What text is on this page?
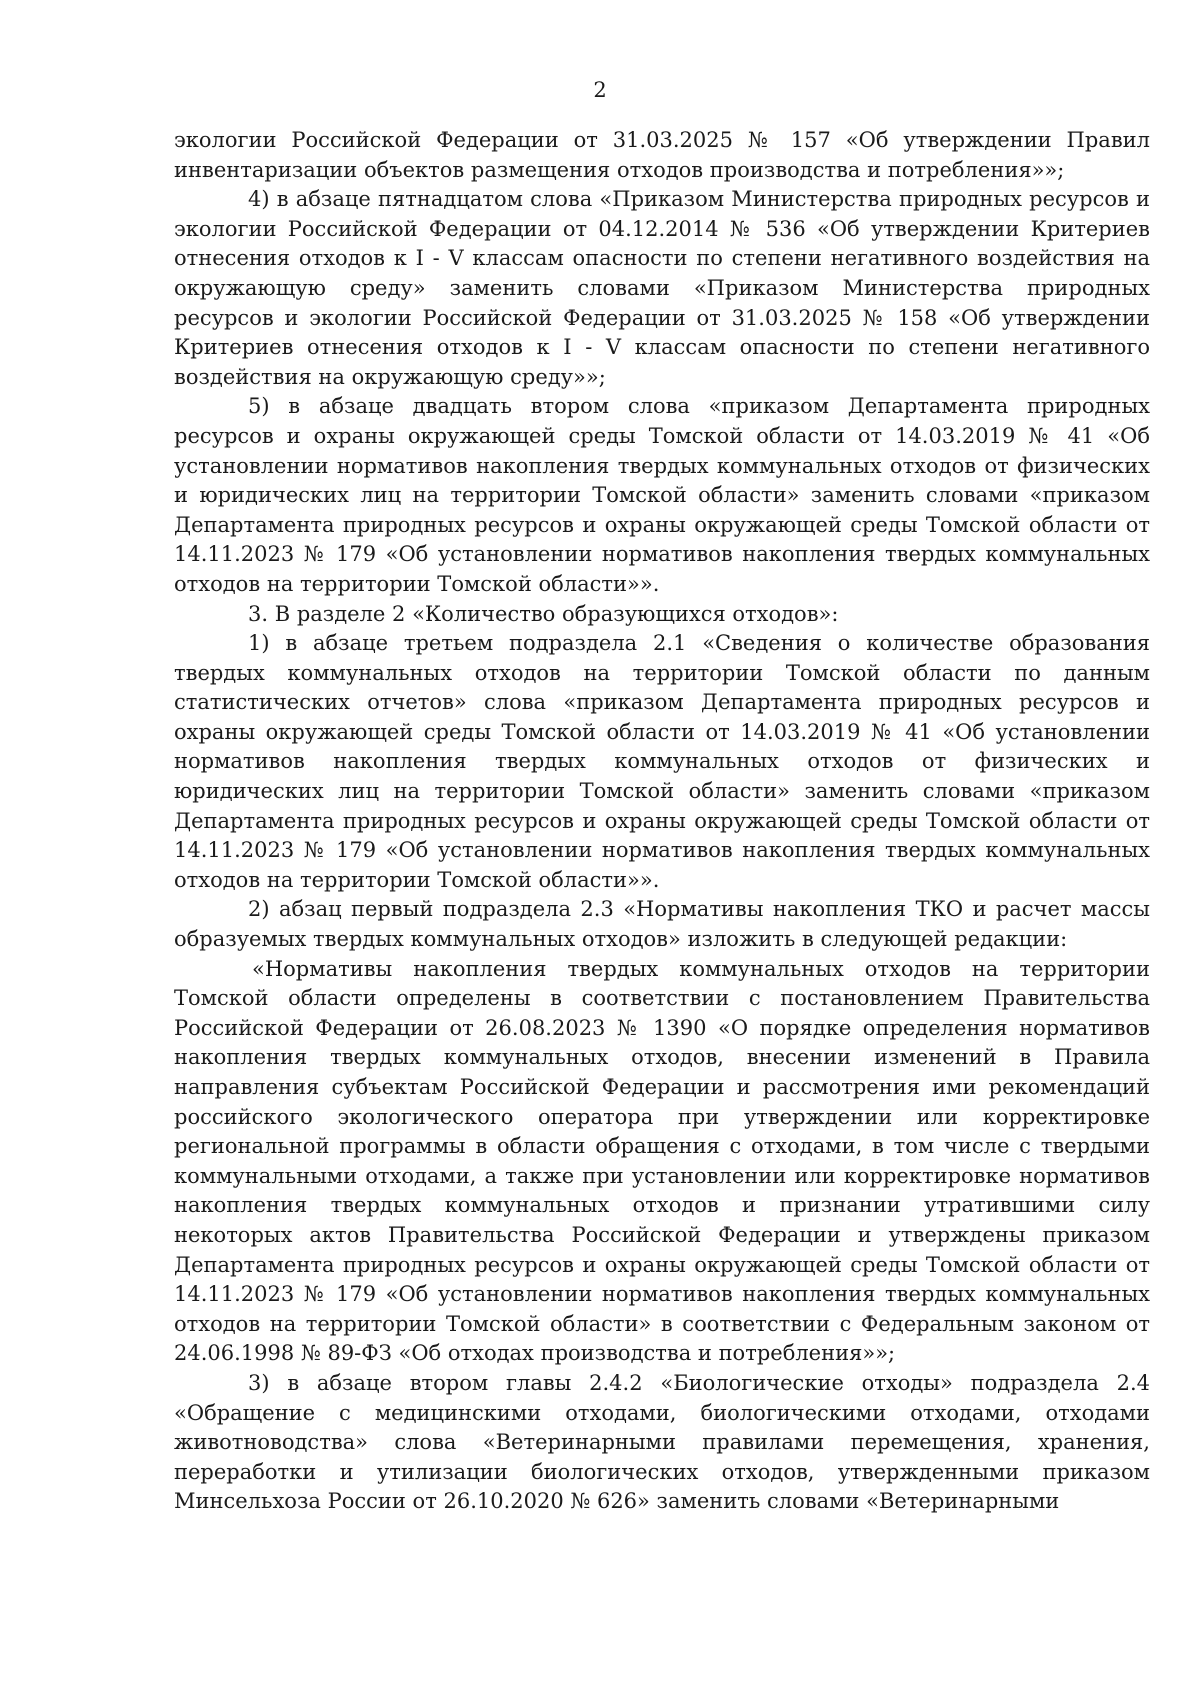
2

экологии Российской Федерации от 31.03.2025 № 157 «Об утверждении Правил инвентаризации объектов размещения отходов производства и потребления»»;

4) в абзаце пятнадцатом слова «Приказом Министерства природных ресурсов и экологии Российской Федерации от 04.12.2014 № 536 «Об утверждении Критериев отнесения отходов к I - V классам опасности по степени негативного воздействия на окружающую среду» заменить словами «Приказом Министерства природных ресурсов и экологии Российской Федерации от 31.03.2025 № 158 «Об утверждении Критериев отнесения отходов к I - V классам опасности по степени негативного воздействия на окружающую среду»»;

5) в абзаце двадцать втором слова «приказом Департамента природных ресурсов и охраны окружающей среды Томской области от 14.03.2019 № 41 «Об установлении нормативов накопления твердых коммунальных отходов от физических и юридических лиц на территории Томской области» заменить словами «приказом Департамента природных ресурсов и охраны окружающей среды Томской области от 14.11.2023 № 179 «Об установлении нормативов накопления твердых коммунальных отходов на территории Томской области»».

3. В разделе 2 «Количество образующихся отходов»:

1) в абзаце третьем подраздела 2.1 «Сведения о количестве образования твердых коммунальных отходов на территории Томской области по данным статистических отчетов» слова «приказом Департамента природных ресурсов и охраны окружающей среды Томской области от 14.03.2019 № 41 «Об установлении нормативов накопления твердых коммунальных отходов от физических и юридических лиц на территории Томской области» заменить словами «приказом Департамента природных ресурсов и охраны окружающей среды Томской области от 14.11.2023 № 179 «Об установлении нормативов накопления твердых коммунальных отходов на территории Томской области»».

2) абзац первый подраздела 2.3 «Нормативы накопления ТКО и расчет массы образуемых твердых коммунальных отходов» изложить в следующей редакции:

«Нормативы накопления твердых коммунальных отходов на территории Томской области определены в соответствии с постановлением Правительства Российской Федерации от 26.08.2023 № 1390 «О порядке определения нормативов накопления твердых коммунальных отходов, внесении изменений в Правила направления субъектам Российской Федерации и рассмотрения ими рекомендаций российского экологического оператора при утверждении или корректировке региональной программы в области обращения с отходами, в том числе с твердыми коммунальными отходами, а также при установлении или корректировке нормативов накопления твердых коммунальных отходов и признании утратившими силу некоторых актов Правительства Российской Федерации и утверждены приказом Департамента природных ресурсов и охраны окружающей среды Томской области от 14.11.2023 № 179 «Об установлении нормативов накопления твердых коммунальных отходов на территории Томской области» в соответствии с Федеральным законом от 24.06.1998 № 89-ФЗ «Об отходах производства и потребления»»;

3) в абзаце втором главы 2.4.2 «Биологические отходы» подраздела 2.4 «Обращение с медицинскими отходами, биологическими отходами, отходами животноводства» слова «Ветеринарными правилами перемещения, хранения, переработки и утилизации биологических отходов, утвержденными приказом Минсельхоза России от 26.10.2020 № 626» заменить словами «Ветеринарными
